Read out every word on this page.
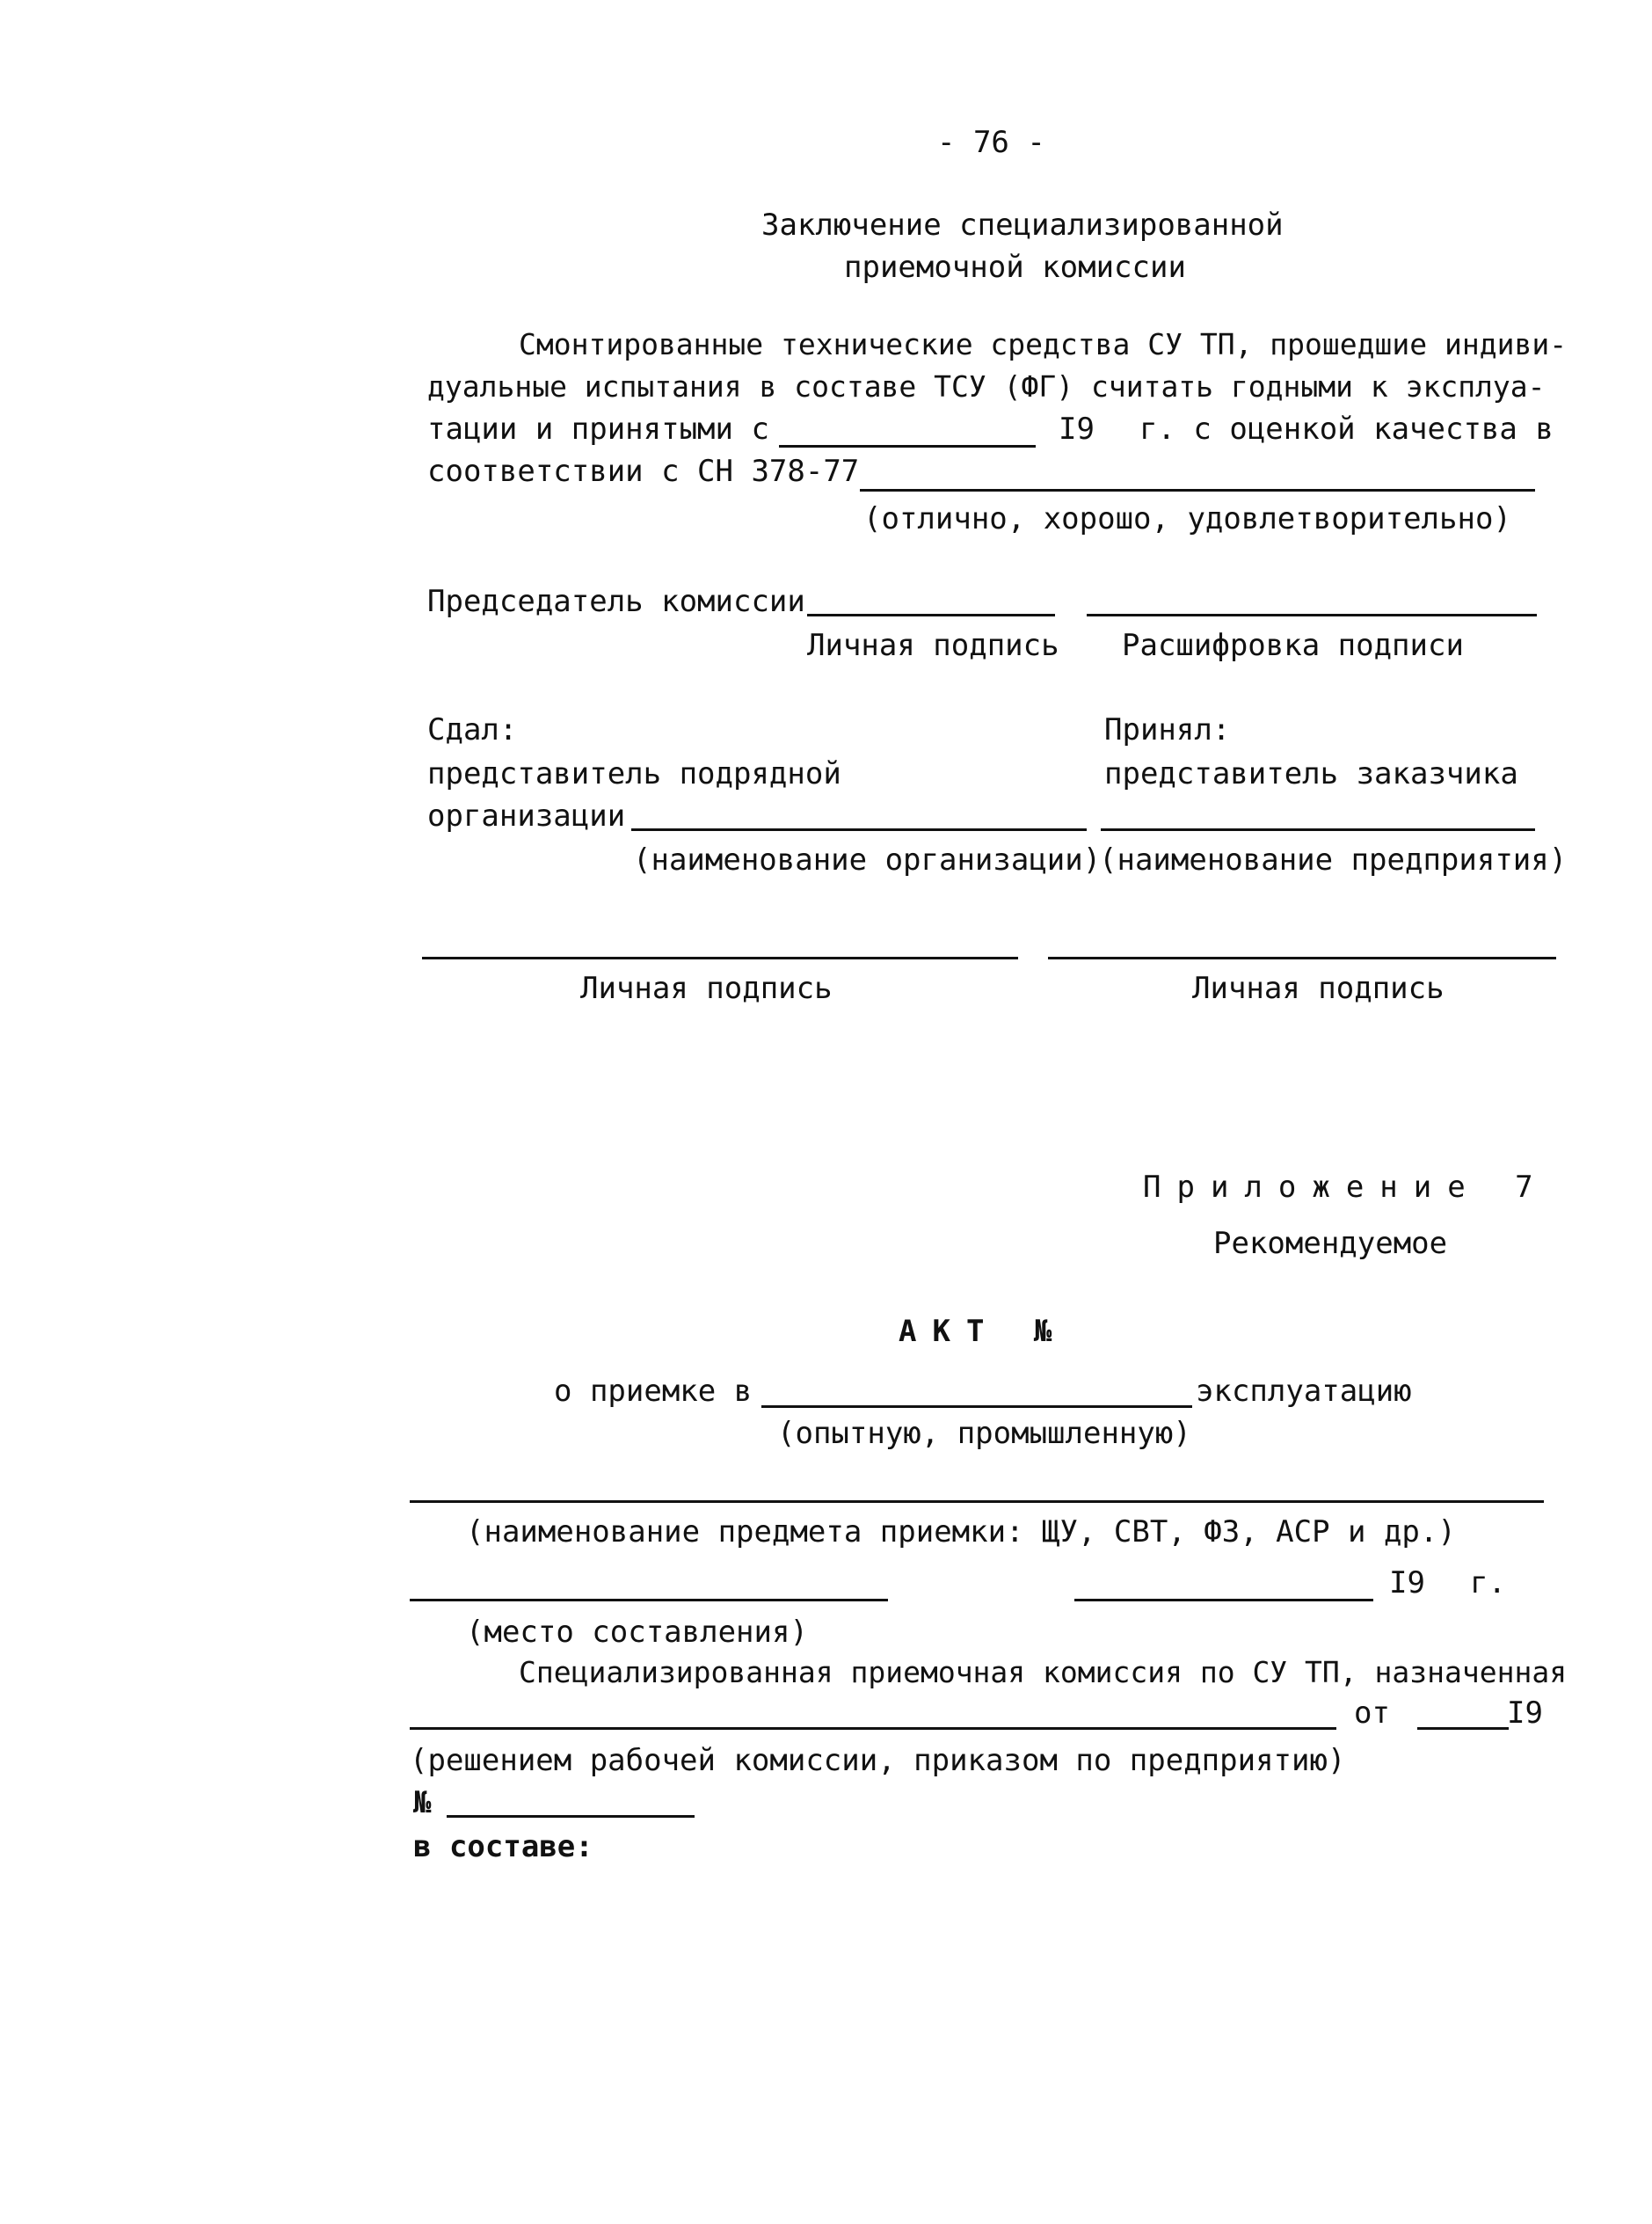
- 76 -
Заключение специализированной
приемочной комиссии
Смонтированные технические средства СУ ТП, прошедшие индиви-
дуальные испытания в составе ТСУ (ФГ) считать годными к эксплуа-
тации и принятыми с	I9 г. с оценкой качества в
соответствии с СН 378-77
(отлично, хорошо, удовлетворительно)
Председатель комиссии
Личная подпись Расшифровка подписи
Сдал:
представитель подрядной
организации
(наименование организации)
Принял:
представитель заказчика
(наименование предприятия)
Личная подпись	Личная подпись
Приложение 7
Рекомендуемое
АКТ №
о приемке в	эксплуатацию
(опытную, промышленную)
(наименование предмета приемки: ЩУ, СВТ, ФЗ, АСР и др.)
I9 г.
(место составления)
Специализированная приемочная комиссия по СУ ТП, назначенная
от	I9
(решением рабочей комиссии, приказом по предприятию)
№
в составе:
